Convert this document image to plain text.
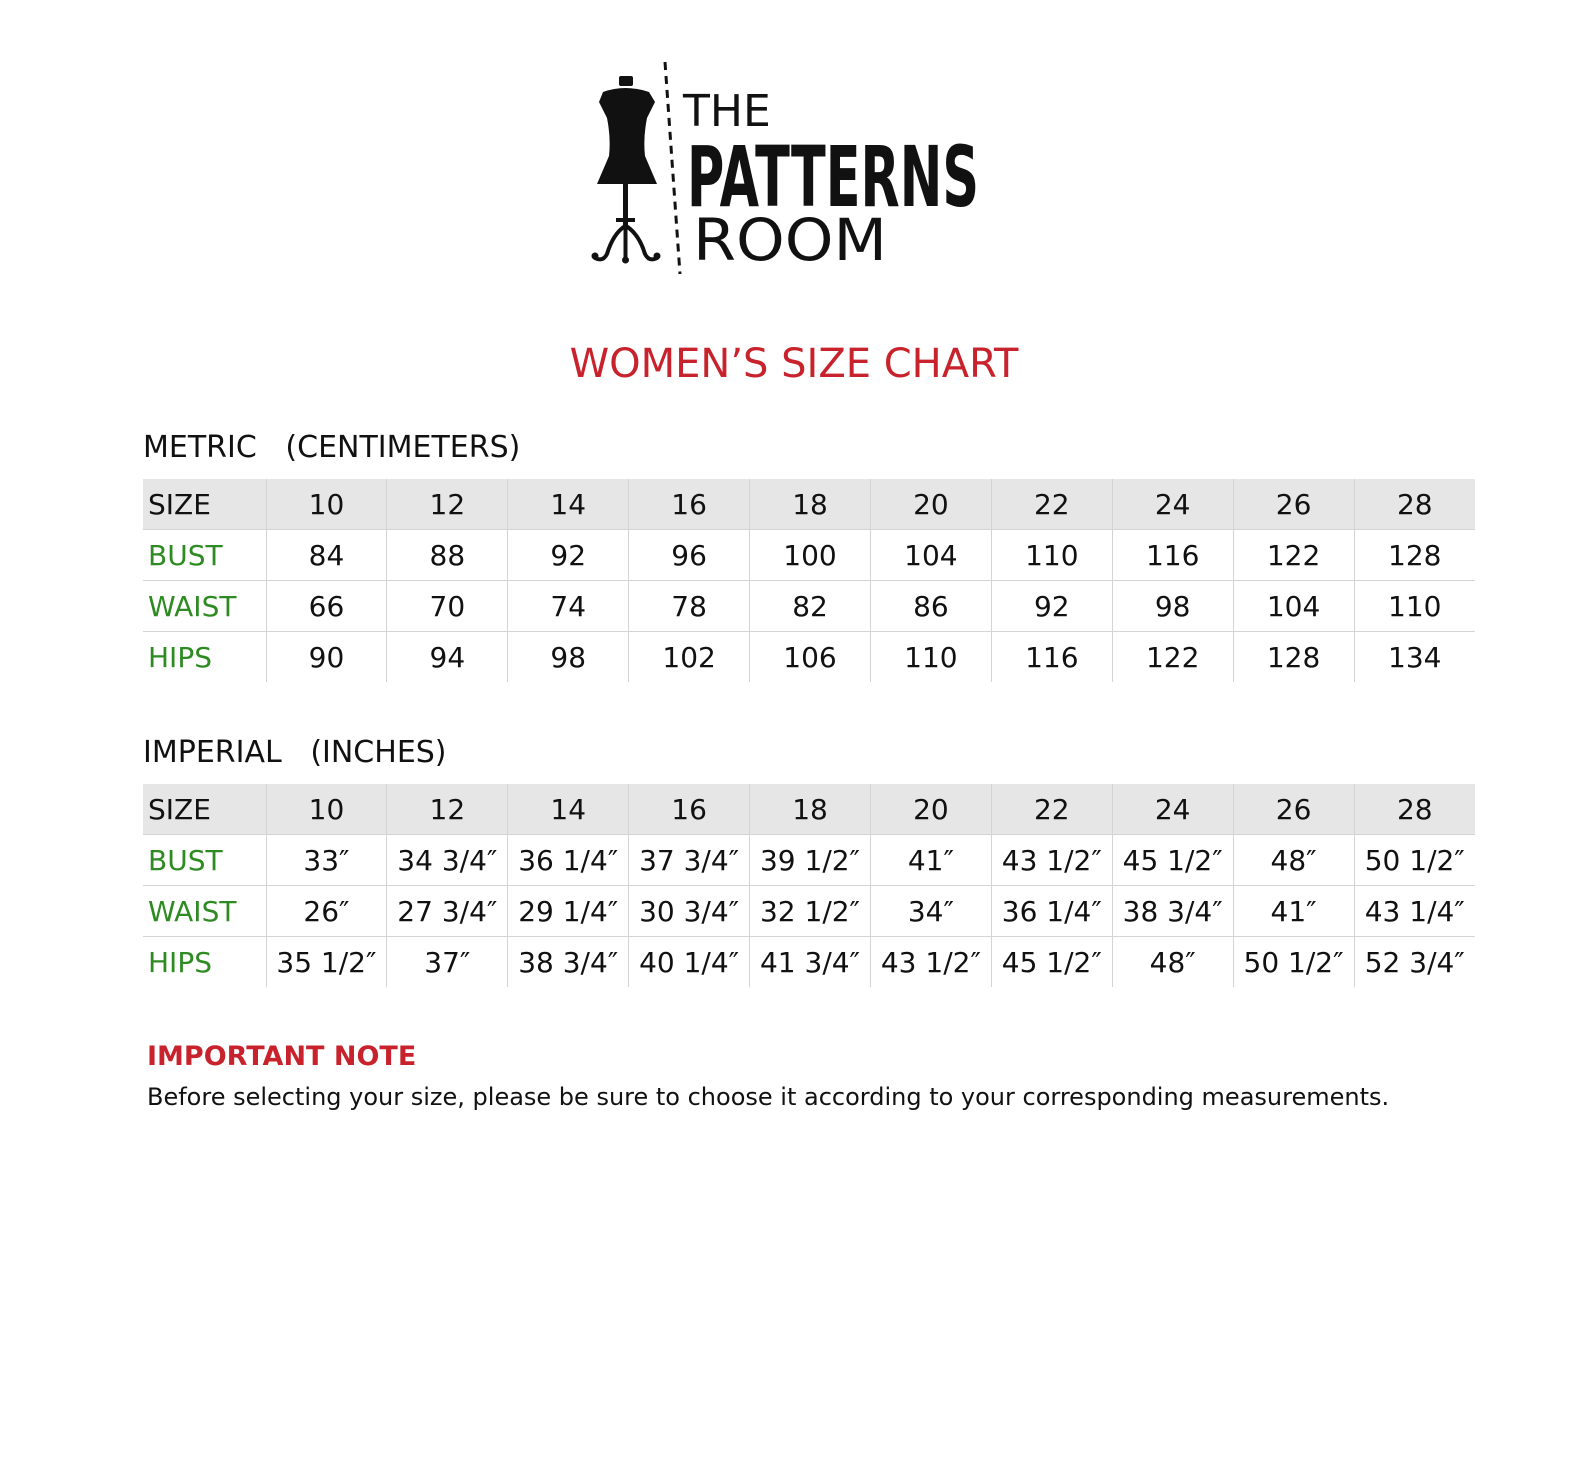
THE
PATTERNS
ROOM
WOMEN’S SIZE CHART
METRIC   (CENTIMETERS)
SIZE	10	12	14	16	18	20	22	24	26	28
BUST	84	88	92	96	100	104	110	116	122	128
WAIST	66	70	74	78	82	86	92	98	104	110
HIPS	90	94	98	102	106	110	116	122	128	134
IMPERIAL   (INCHES)
SIZE	10	12	14	16	18	20	22	24	26	28
BUST	33″	34 3/4″	36 1/4″	37 3/4″	39 1/2″	41″	43 1/2″	45 1/2″	48″	50 1/2″
WAIST	26″	27 3/4″	29 1/4″	30 3/4″	32 1/2″	34″	36 1/4″	38 3/4″	41″	43 1/4″
HIPS	35 1/2″	37″	38 3/4″	40 1/4″	41 3/4″	43 1/2″	45 1/2″	48″	50 1/2″	52 3/4″
IMPORTANT NOTE
Before selecting your size, please be sure to choose it according to your corresponding measurements.
